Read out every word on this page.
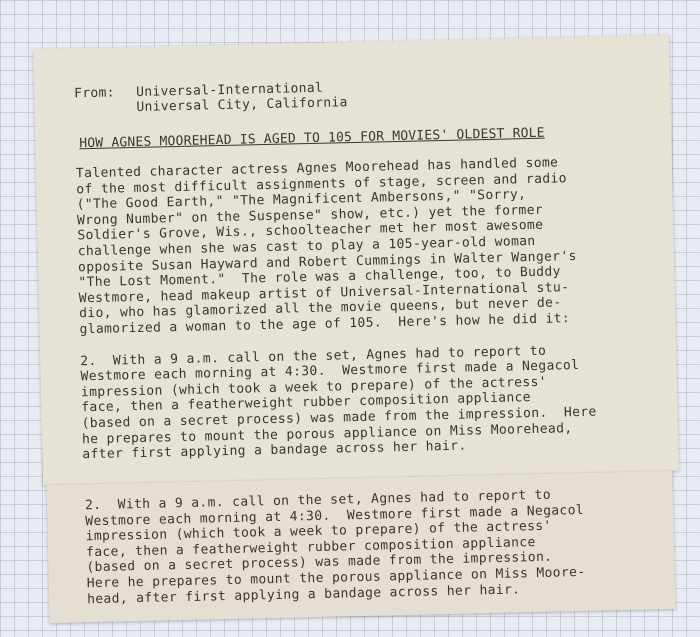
From:	Universal-International
Universal City, California
HOW AGNES MOOREHEAD IS AGED TO 105 FOR MOVIES' OLDEST ROLE
Talented character actress Agnes Moorehead has handled some
of the most difficult assignments of stage, screen and radio
("The Good Earth," "The Magnificent Ambersons," "Sorry,
Wrong Number" on the Suspense" show, etc.) yet the former
Soldier's Grove, Wis., schoolteacher met her most awesome
challenge when she was cast to play a 105-year-old woman
opposite Susan Hayward and Robert Cummings in Walter Wanger's
"The Lost Moment."  The role was a challenge, too, to Buddy
Westmore, head makeup artist of Universal-International stu-
dio, who has glamorized all the movie queens, but never de-
glamorized a woman to the age of 105.  Here's how he did it:
2.  With a 9 a.m. call on the set, Agnes had to report to
Westmore each morning at 4:30.  Westmore first made a Negacol
impression (which took a week to prepare) of the actress'
face, then a featherweight rubber composition appliance
(based on a secret process) was made from the impression.  Here
he prepares to mount the porous appliance on Miss Moorehead,
after first applying a bandage across her hair.
2.  With a 9 a.m. call on the set, Agnes had to report to
Westmore each morning at 4:30.  Westmore first made a Negacol
impression (which took a week to prepare) of the actress'
face, then a featherweight rubber composition appliance
(based on a secret process) was made from the impression.
Here he prepares to mount the porous appliance on Miss Moore-
head, after first applying a bandage across her hair.
